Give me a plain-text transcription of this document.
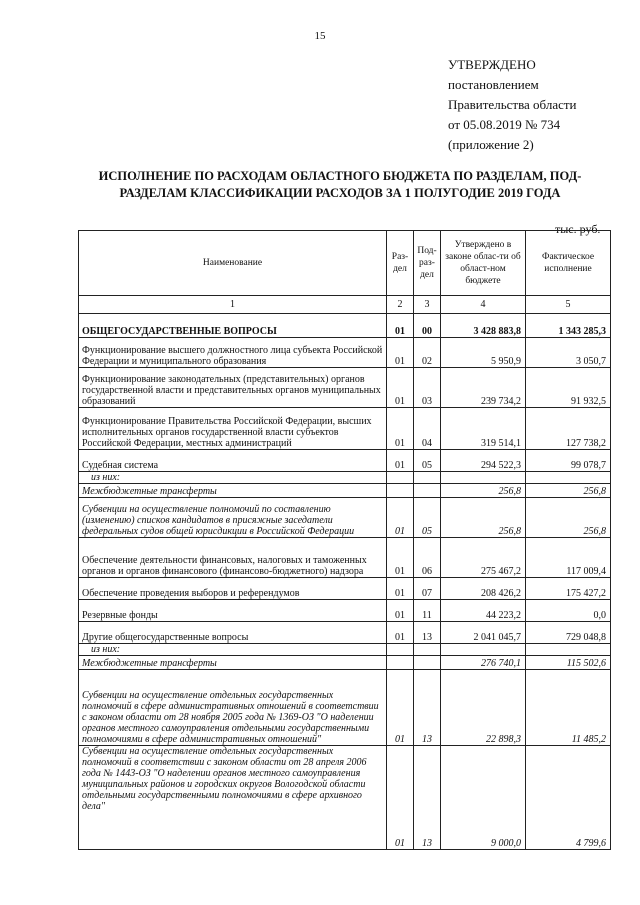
15
УТВЕРЖДЕНО
постановлением
Правительства области
от 05.08.2019 № 734
(приложение 2)
ИСПОЛНЕНИЕ ПО РАСХОДАМ ОБЛАСТНОГО БЮДЖЕТА ПО РАЗДЕЛАМ, ПОД-
РАЗДЕЛАМ КЛАССИФИКАЦИИ РАСХОДОВ ЗА 1 ПОЛУГОДИЕ 2019 ГОДА
тыс. руб.
Наименование	Раз-дел	Под-раз-дел	Утверждено в законе облас-ти об област-ном бюджете	Фактическое исполнение
1	2	3	4	5
ОБЩЕГОСУДАРСТВЕННЫЕ ВОПРОСЫ	01	00	3 428 883,8	1 343 285,3
Функционирование высшего должностного лица субъекта Российской Федерации и муниципального образования	01	02	5 950,9	3 050,7
Функционирование законодательных (представительных) органов государственной власти и представительных органов муниципальных образований	01	03	239 734,2	91 932,5
Функционирование Правительства Российской Федерации, высших исполнительных органов государственной власти субъектов Российской Федерации, местных администраций	01	04	319 514,1	127 738,2
Судебная система	01	05	294 522,3	99 078,7
из них:				
Межбюджетные трансферты			256,8	256,8
Субвенции на осуществление полномочий по составлению (изменению) списков кандидатов в присяжные заседатели федеральных судов общей юрисдикции в Российской Федерации	01	05	256,8	256,8
Обеспечение деятельности финансовых, налоговых и таможенных органов и органов финансового (финансово-бюджетного) надзора	01	06	275 467,2	117 009,4
Обеспечение проведения выборов и референдумов	01	07	208 426,2	175 427,2
Резервные фонды	01	11	44 223,2	0,0
Другие общегосударственные вопросы	01	13	2 041 045,7	729 048,8
из них:				
Межбюджетные трансферты			276 740,1	115 502,6
Субвенции на осуществление отдельных государственных полномочий в сфере административных отношений в соответствии с законом области от 28 ноября 2005 года № 1369-ОЗ "О наделении органов местного самоуправления отдельными государственными полномочиями в сфере административных отношений"	01	13	22 898,3	11 485,2
Субвенции на осуществление отдельных государственных полномочий в соответствии с законом области от 28 апреля 2006 года № 1443-ОЗ "О наделении органов местного самоуправления муниципальных районов и городских округов Вологодской области отдельными государственными полномочиями в сфере архивного дела"	01	13	9 000,0	4 799,6
